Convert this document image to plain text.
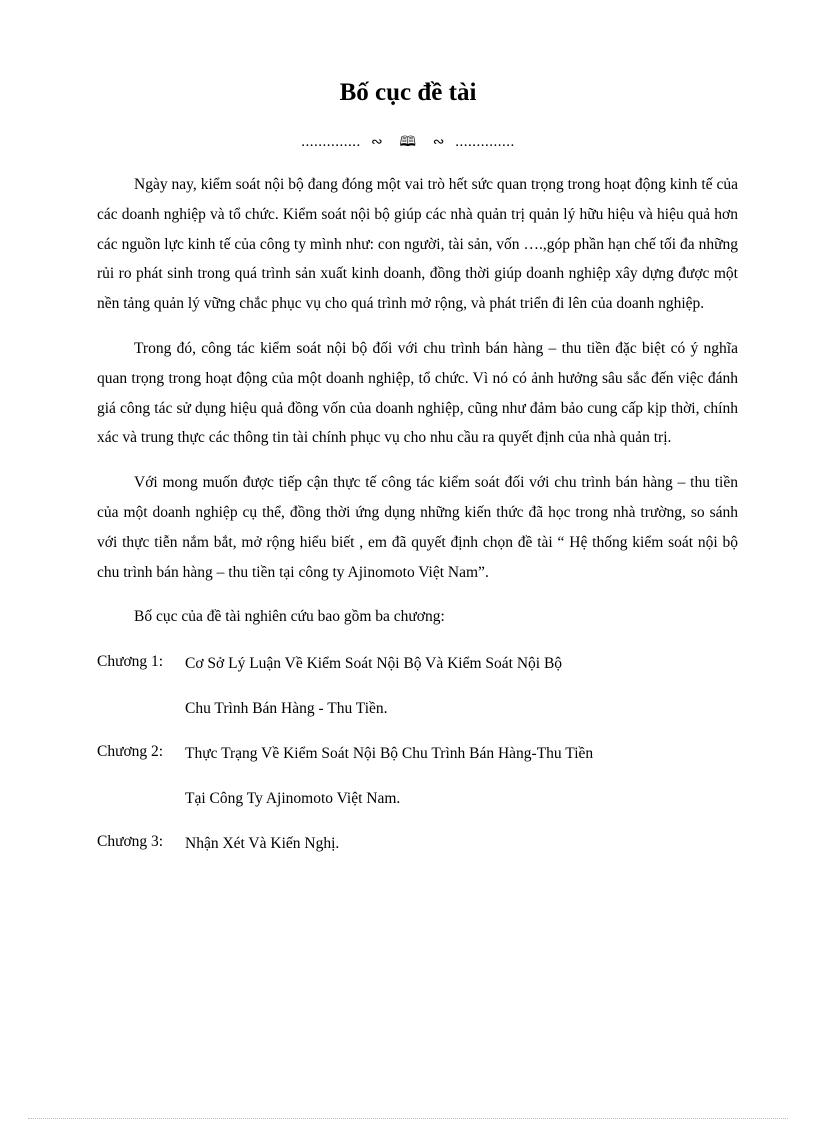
Bố cục đề tài
.............. ∾ 🕮 ∾ ..............

Ngày nay, kiểm soát nội bộ đang đóng một vai trò hết sức quan trọng trong hoạt động kinh tế của các doanh nghiệp và tổ chức. Kiểm soát nội bộ giúp các nhà quản trị quản lý hữu hiệu và hiệu quả hơn các nguồn lực kinh tế của công ty mình như: con người, tài sản, vốn ….,góp phần hạn chế tối đa những rủi ro phát sinh trong quá trình sản xuất kinh doanh, đồng thời giúp doanh nghiệp xây dựng được một nền tảng quản lý vững chắc phục vụ cho quá trình mở rộng, và phát triển đi lên của doanh nghiệp.

Trong đó, công tác kiểm soát nội bộ đối với chu trình bán hàng – thu tiền đặc biệt có ý nghĩa quan trọng trong hoạt động của một doanh nghiệp, tổ chức. Vì nó có ảnh hưởng sâu sắc đến việc đánh giá công tác sử dụng hiệu quả đồng vốn của doanh nghiệp, cũng như đảm bảo cung cấp kịp thời, chính xác và trung thực các thông tin tài chính phục vụ cho nhu cầu ra quyết định của nhà quản trị.

Với mong muốn được tiếp cận thực tế công tác kiểm soát đối với chu trình bán hàng – thu tiền của một doanh nghiệp cụ thể, đồng thời ứng dụng những kiến thức đã học trong nhà trường, so sánh với thực tiễn nắm bắt, mở rộng hiểu biết , em đã quyết định chọn đề tài “ Hệ thống kiểm soát nội bộ chu trình bán hàng – thu tiền tại công ty Ajinomoto Việt Nam”.

Bố cục của đề tài nghiên cứu bao gồm ba chương:

Chương 1:	Cơ Sở Lý Luận Về Kiểm Soát Nội Bộ Và Kiểm Soát Nội Bộ
Chu Trình Bán Hàng - Thu Tiền.
Chương 2:	Thực Trạng Về Kiểm Soát Nội Bộ Chu Trình Bán Hàng-Thu Tiền
Tại Công Ty Ajinomoto Việt Nam.
Chương 3:	Nhận Xét Và Kiến Nghị.
